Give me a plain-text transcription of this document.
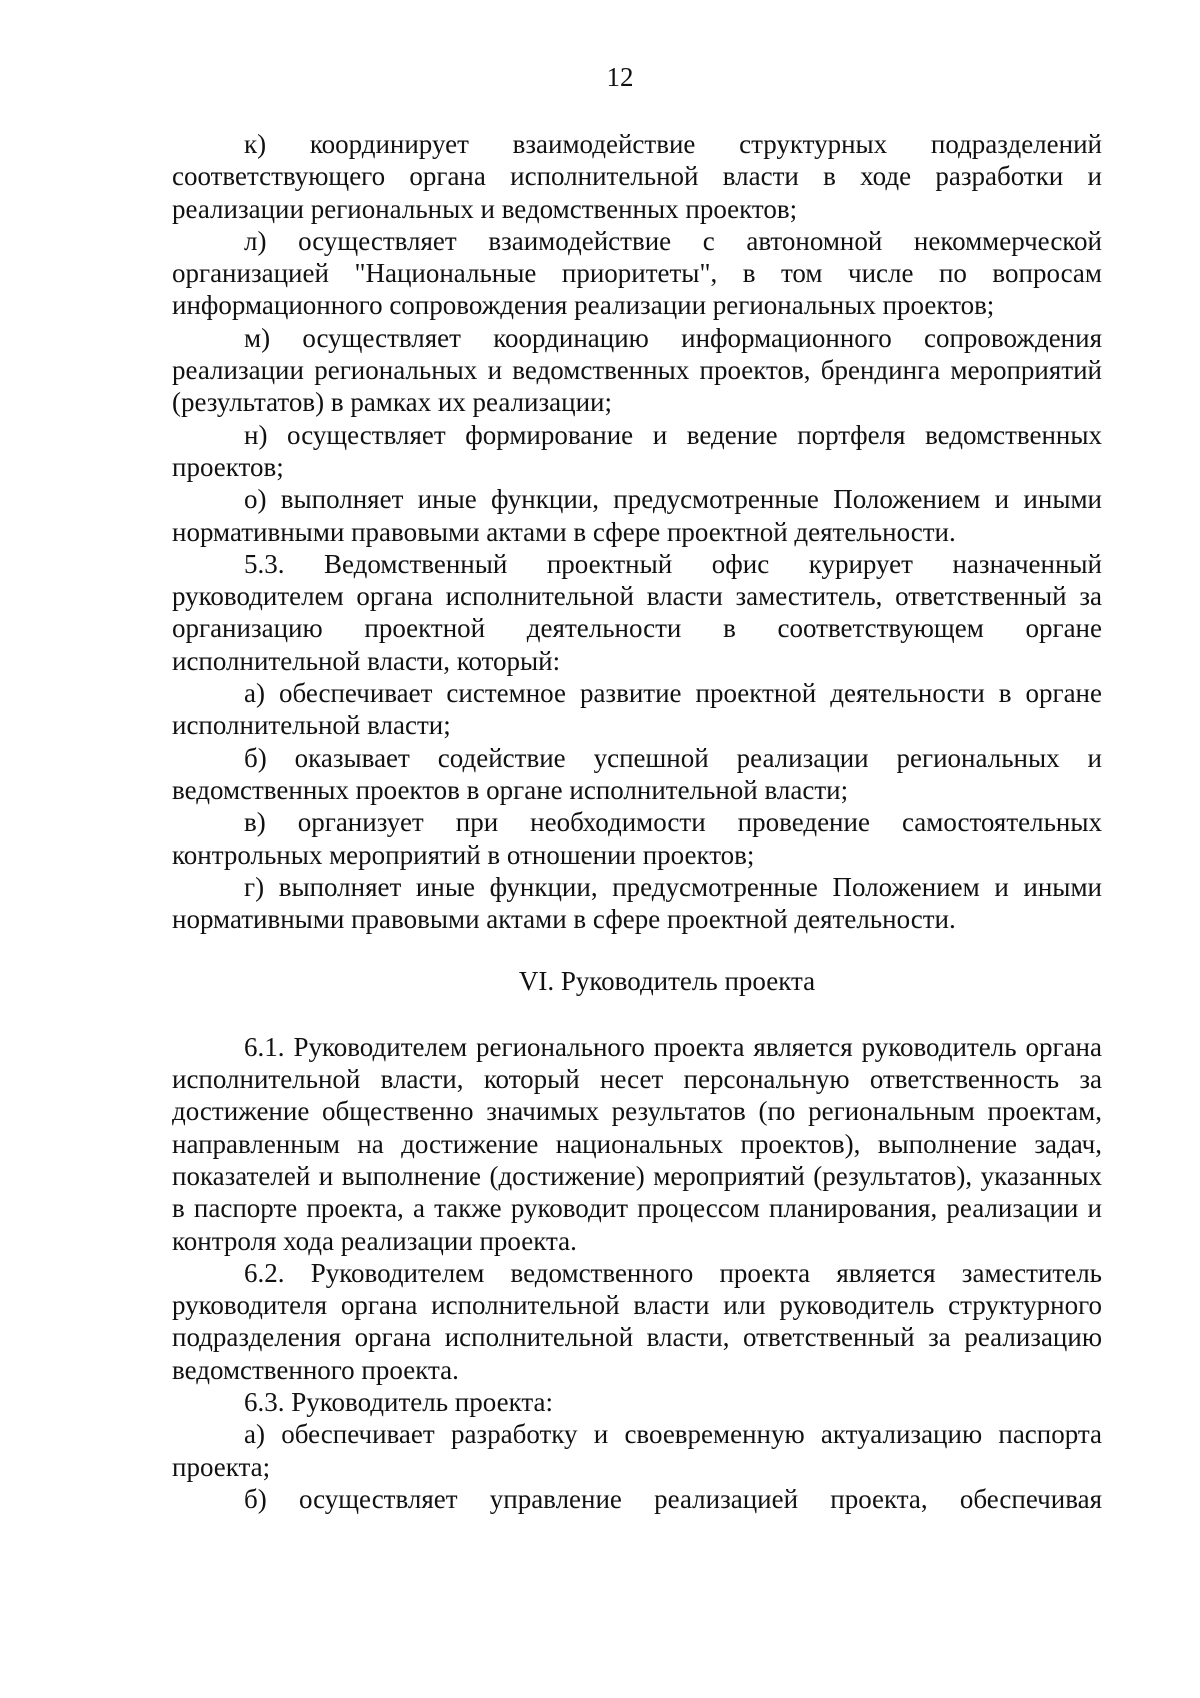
12

к) координирует взаимодействие структурных подразделений соответствующего органа исполнительной власти в ходе разработки и реализации региональных и ведомственных проектов;

л) осуществляет взаимодействие с автономной некоммерческой организацией "Национальные приоритеты", в том числе по вопросам информационного сопровождения реализации региональных проектов;

м) осуществляет координацию информационного сопровождения реализации региональных и ведомственных проектов, брендинга мероприятий (результатов) в рамках их реализации;

н) осуществляет формирование и ведение портфеля ведомственных проектов;

о) выполняет иные функции, предусмотренные Положением и иными нормативными правовыми актами в сфере проектной деятельности.

5.3. Ведомственный проектный офис курирует назначенный руководителем органа исполнительной власти заместитель, ответственный за организацию проектной деятельности в соответствующем органе исполнительной власти, который:

а) обеспечивает системное развитие проектной деятельности в органе исполнительной власти;

б) оказывает содействие успешной реализации региональных и ведомственных проектов в органе исполнительной власти;

в) организует при необходимости проведение самостоятельных контрольных мероприятий в отношении проектов;

г) выполняет иные функции, предусмотренные Положением и иными нормативными правовыми актами в сфере проектной деятельности.

VI. Руководитель проекта

6.1. Руководителем регионального проекта является руководитель органа исполнительной власти, который несет персональную ответственность за достижение общественно значимых результатов (по региональным проектам, направленным на достижение национальных проектов), выполнение задач, показателей и выполнение (достижение) мероприятий (результатов), указанных в паспорте проекта, а также руководит процессом планирования, реализации и контроля хода реализации проекта.

6.2. Руководителем ведомственного проекта является заместитель руководителя органа исполнительной власти или руководитель структурного подразделения органа исполнительной власти, ответственный за реализацию ведомственного проекта.

6.3. Руководитель проекта:

а) обеспечивает разработку и своевременную актуализацию паспорта проекта;

б) осуществляет управление реализацией проекта, обеспечивая
